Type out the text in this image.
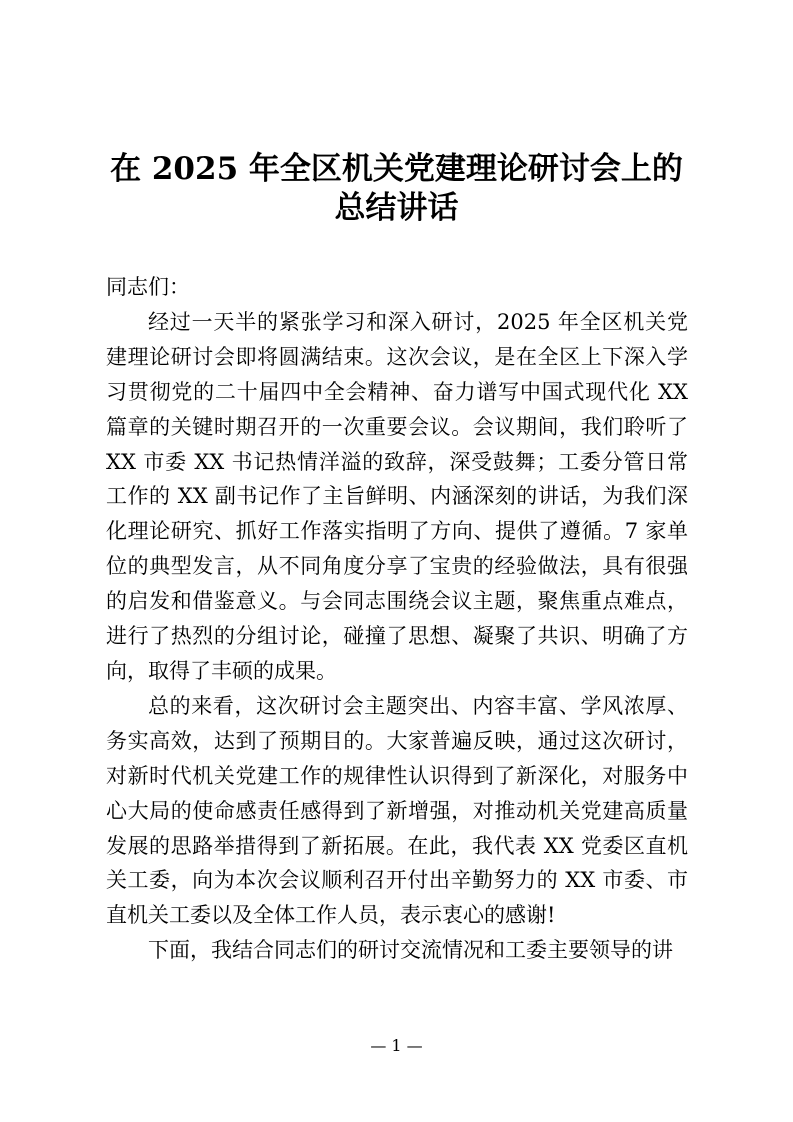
在 2025 年全区机关党建理论研讨会上的
总结讲话

同志们：

经过一天半的紧张学习和深入研讨，2025 年全区机关党建理论研讨会即将圆满结束。这次会议，是在全区上下深入学习贯彻党的二十届四中全会精神、奋力谱写中国式现代化 XX 篇章的关键时期召开的一次重要会议。会议期间，我们聆听了 XX 市委 XX 书记热情洋溢的致辞，深受鼓舞；工委分管日常工作的 XX 副书记作了主旨鲜明、内涵深刻的讲话，为我们深化理论研究、抓好工作落实指明了方向、提供了遵循。7 家单位的典型发言，从不同角度分享了宝贵的经验做法，具有很强的启发和借鉴意义。与会同志围绕会议主题，聚焦重点难点，进行了热烈的分组讨论，碰撞了思想、凝聚了共识、明确了方向，取得了丰硕的成果。

总的来看，这次研讨会主题突出、内容丰富、学风浓厚、务实高效，达到了预期目的。大家普遍反映，通过这次研讨，对新时代机关党建工作的规律性认识得到了新深化，对服务中心大局的使命感责任感得到了新增强，对推动机关党建高质量发展的思路举措得到了新拓展。在此，我代表 XX 党委区直机关工委，向为本次会议顺利召开付出辛勤努力的 XX 市委、市直机关工委以及全体工作人员，表示衷心的感谢!

下面，我结合同志们的研讨交流情况和工委主要领导的讲

— 1 —
